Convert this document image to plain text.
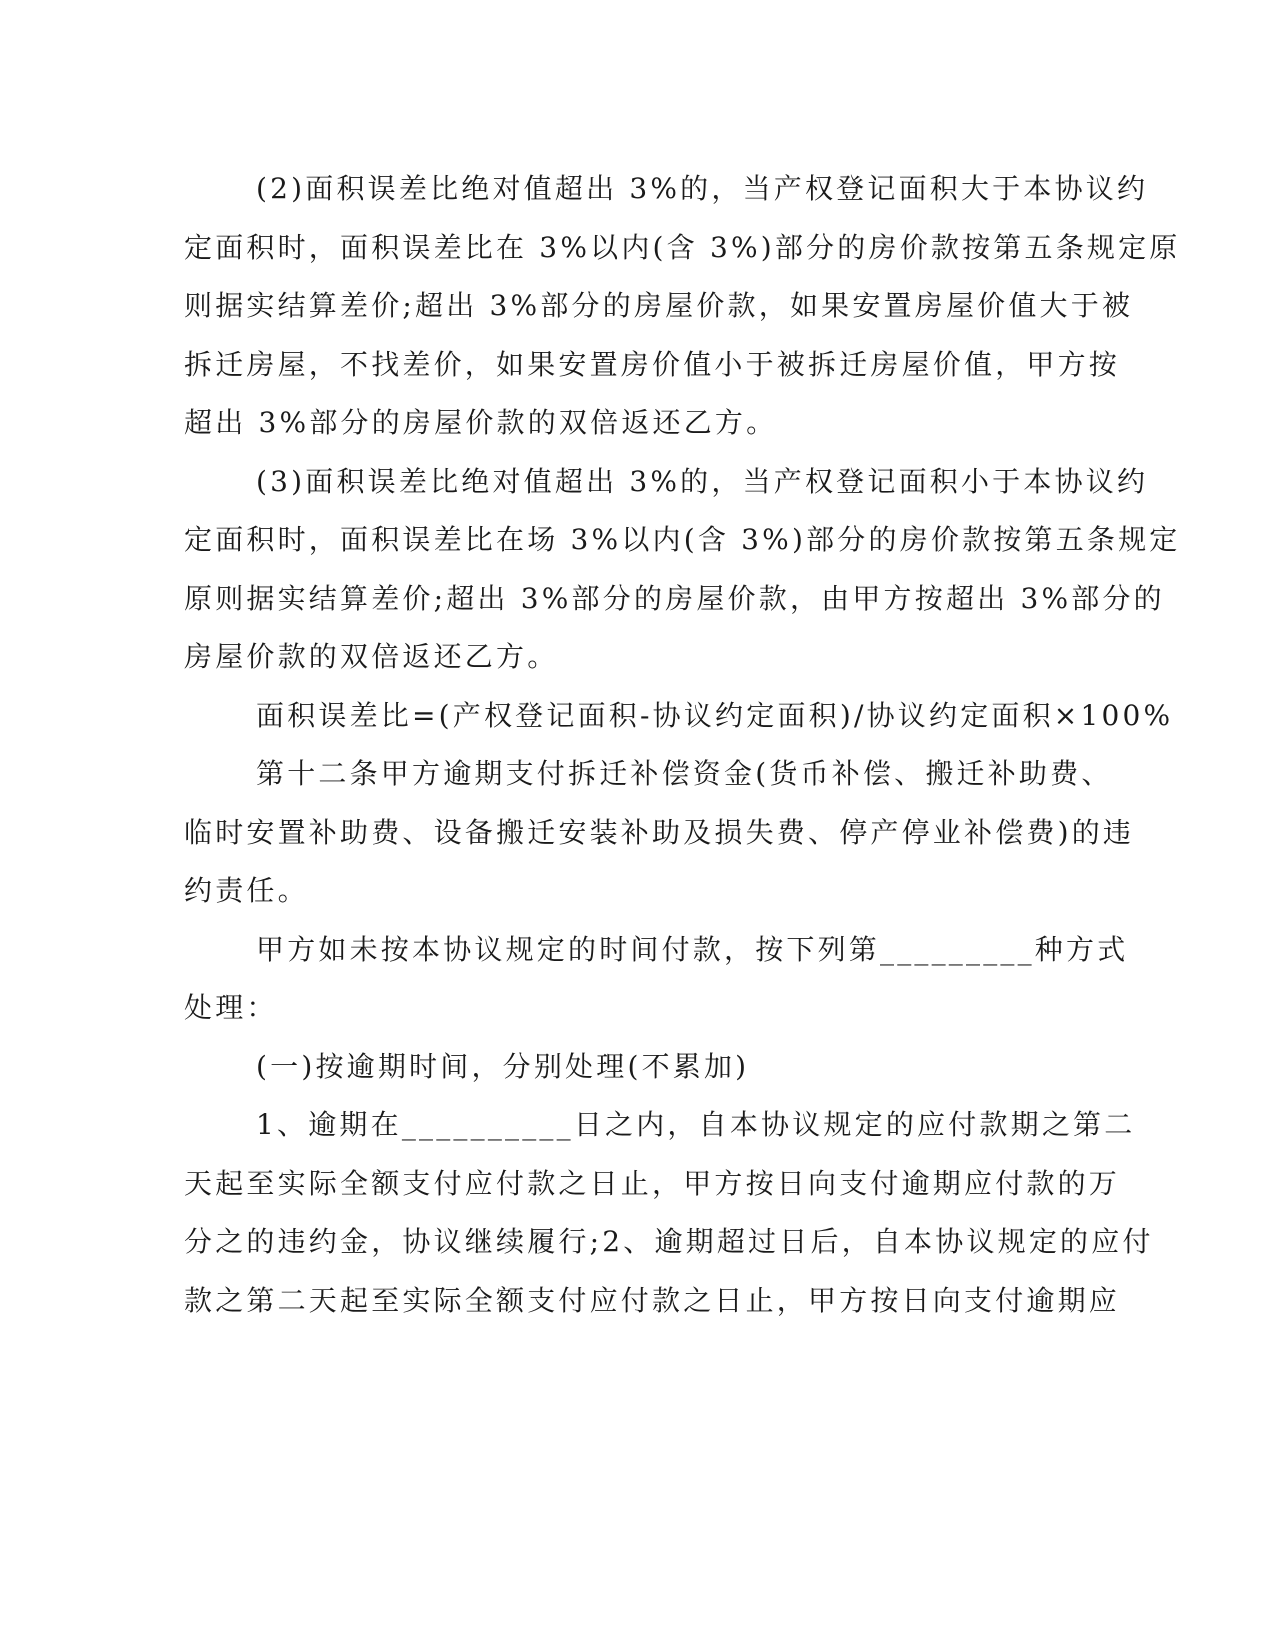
(2)面积误差比绝对值超出 3%的，当产权登记面积大于本协议约
定面积时，面积误差比在 3%以内(含 3%)部分的房价款按第五条规定原
则据实结算差价;超出 3%部分的房屋价款，如果安置房屋价值大于被
拆迁房屋，不找差价，如果安置房价值小于被拆迁房屋价值，甲方按
超出 3%部分的房屋价款的双倍返还乙方。
(3)面积误差比绝对值超出 3%的，当产权登记面积小于本协议约
定面积时，面积误差比在场 3%以内(含 3%)部分的房价款按第五条规定
原则据实结算差价;超出 3%部分的房屋价款，由甲方按超出 3%部分的
房屋价款的双倍返还乙方。
面积误差比=(产权登记面积-协议约定面积)/协议约定面积×100%
第十二条甲方逾期支付拆迁补偿资金(货币补偿、搬迁补助费、
临时安置补助费、设备搬迁安装补助及损失费、停产停业补偿费)的违
约责任。
甲方如未按本协议规定的时间付款，按下列第_________种方式
处理：
(一)按逾期时间，分别处理(不累加)
1、逾期在__________日之内，自本协议规定的应付款期之第二
天起至实际全额支付应付款之日止，甲方按日向支付逾期应付款的万
分之的违约金，协议继续履行;2、逾期超过日后，自本协议规定的应付
款之第二天起至实际全额支付应付款之日止，甲方按日向支付逾期应
